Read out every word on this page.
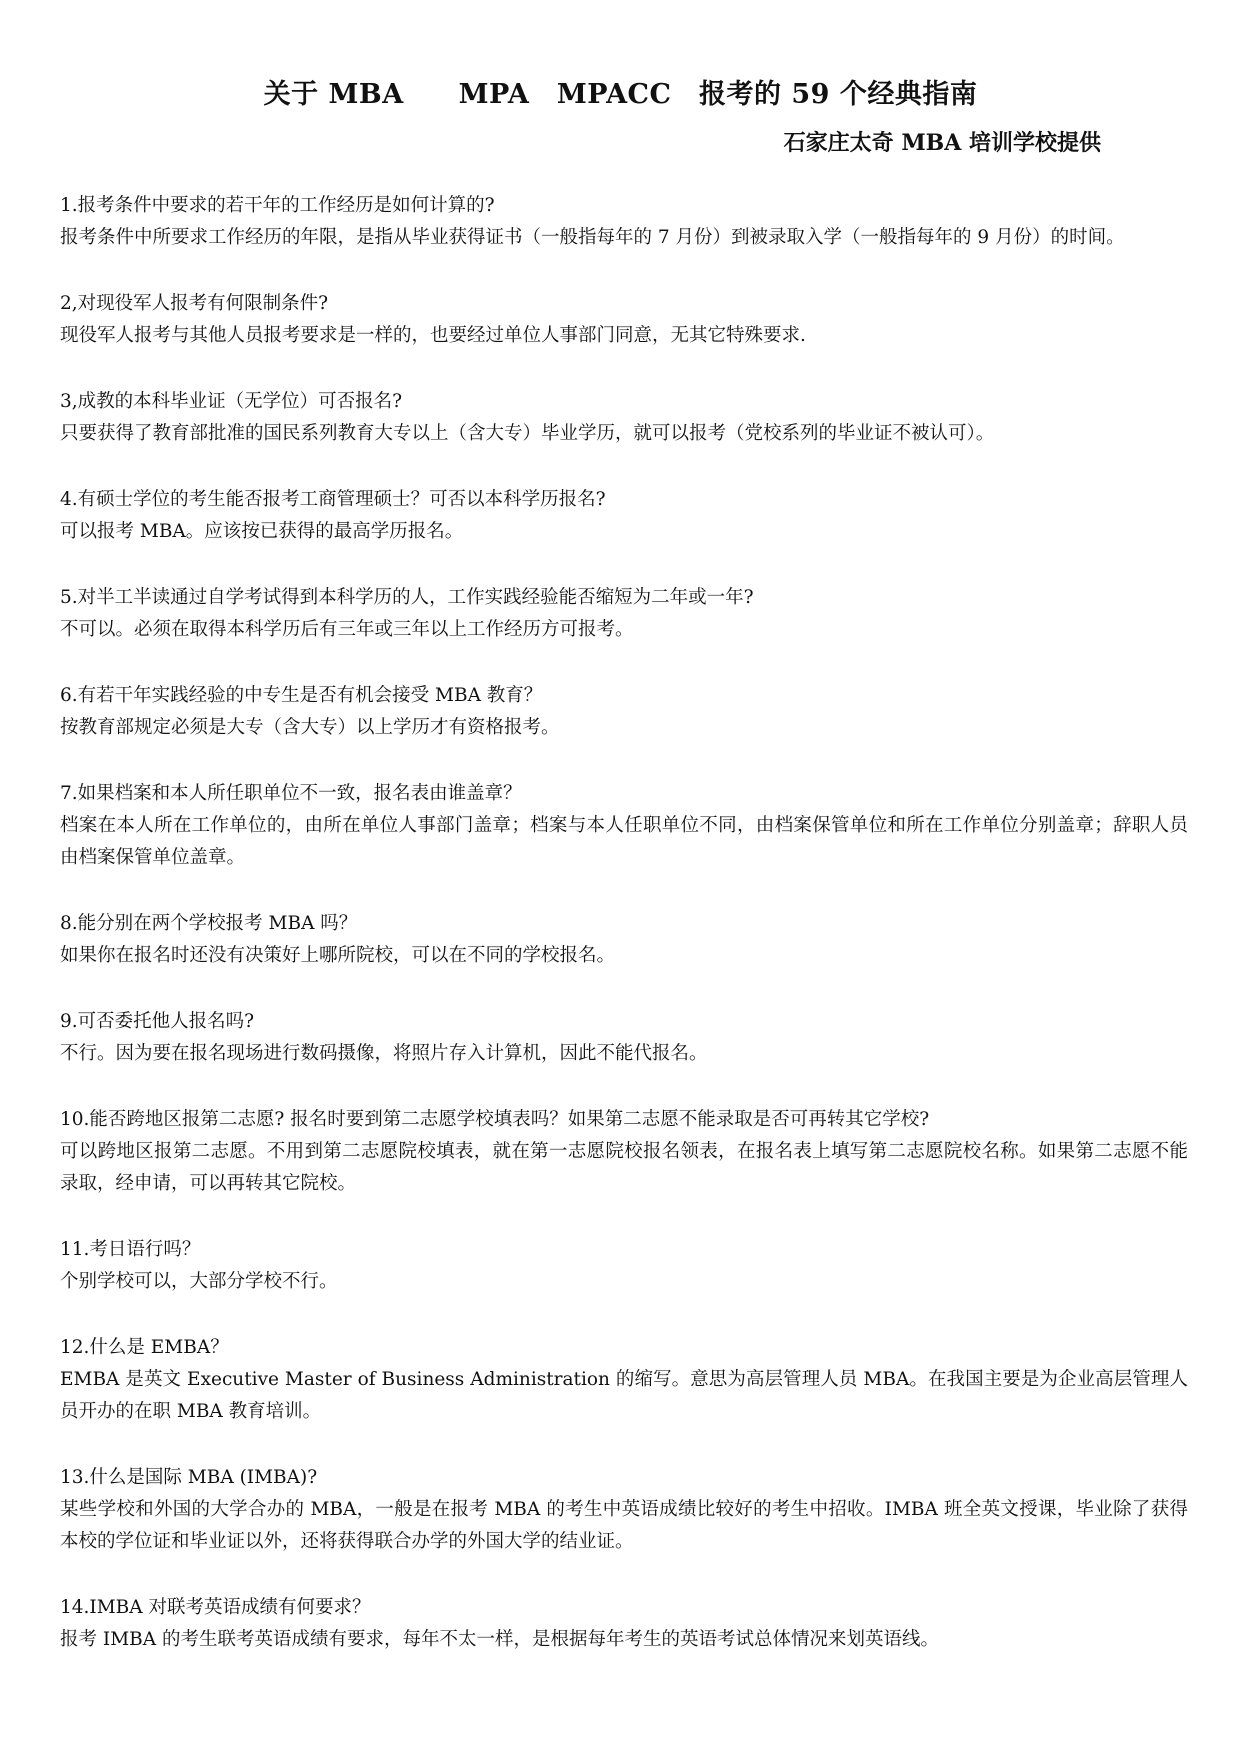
关于 MBA　　MPA　MPACC　报考的 59 个经典指南
石家庄太奇 MBA 培训学校提供

1.报考条件中要求的若干年的工作经历是如何计算的?

报考条件中所要求工作经历的年限，是指从毕业获得证书（一般指每年的 7 月份）到被录取入学（一般指每年的 9 月份）的时间。

2,对现役军人报考有何限制条件?

现役军人报考与其他人员报考要求是一样的，也要经过单位人事部门同意，无其它特殊要求.

3,成教的本科毕业证（无学位）可否报名?

只要获得了教育部批准的国民系列教育大专以上（含大专）毕业学历，就可以报考（党校系列的毕业证不被认可）。

4.有硕士学位的考生能否报考工商管理硕士？可否以本科学历报名?

可以报考 MBA。应该按已获得的最高学历报名。

5.对半工半读通过自学考试得到本科学历的人，工作实践经验能否缩短为二年或一年?

不可以。必须在取得本科学历后有三年或三年以上工作经历方可报考。

6.有若干年实践经验的中专生是否有机会接受 MBA 教育？

按教育部规定必须是大专（含大专）以上学历才有资格报考。

7.如果档案和本人所任职单位不一致，报名表由谁盖章？

档案在本人所在工作单位的，由所在单位人事部门盖章；档案与本人任职单位不同，由档案保管单位和所在工作单位分别盖章；辞职人员由档案保管单位盖章。

8.能分别在两个学校报考 MBA 吗？

如果你在报名时还没有决策好上哪所院校，可以在不同的学校报名。

9.可否委托他人报名吗?

不行。因为要在报名现场进行数码摄像，将照片存入计算机，因此不能代报名。

10.能否跨地区报第二志愿? 报名时要到第二志愿学校填表吗？如果第二志愿不能录取是否可再转其它学校?

可以跨地区报第二志愿。不用到第二志愿院校填表，就在第一志愿院校报名领表，在报名表上填写第二志愿院校名称。如果第二志愿不能录取，经申请，可以再转其它院校。

11.考日语行吗？

个别学校可以，大部分学校不行。

12.什么是 EMBA？

EMBA 是英文 Executive Master of Business Administration 的缩写。意思为高层管理人员 MBA。在我国主要是为企业高层管理人员开办的在职 MBA 教育培训。

13.什么是国际 MBA (IMBA)?

某些学校和外国的大学合办的 MBA，一般是在报考 MBA 的考生中英语成绩比较好的考生中招收。IMBA 班全英文授课，毕业除了获得本校的学位证和毕业证以外，还将获得联合办学的外国大学的结业证。

14.IMBA 对联考英语成绩有何要求？

报考 IMBA 的考生联考英语成绩有要求，每年不太一样，是根据每年考生的英语考试总体情况来划英语线。
